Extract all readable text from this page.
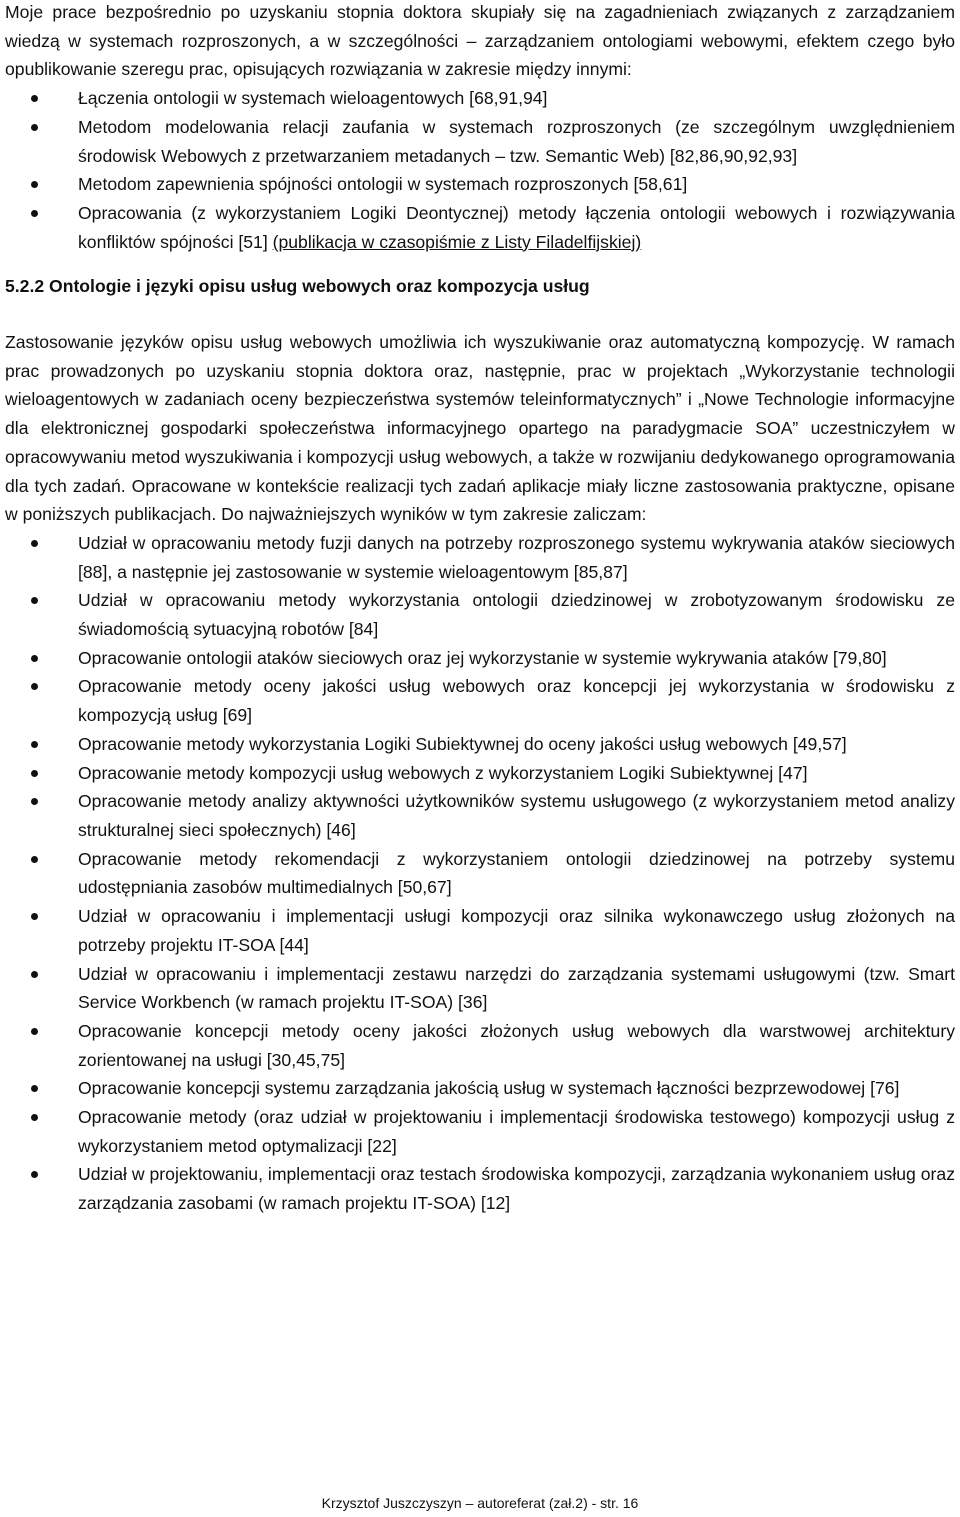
Moje prace bezpośrednio po uzyskaniu stopnia doktora skupiały się na zagadnieniach związanych z zarządzaniem wiedzą w systemach rozproszonych, a w szczególności – zarządzaniem ontologiami webowymi, efektem czego było opublikowanie szeregu prac, opisujących rozwiązania w zakresie między innymi:

Łączenia ontologii w systemach wieloagentowych [68,91,94]
Metodom modelowania relacji zaufania w systemach rozproszonych (ze szczególnym uwzględnieniem środowisk Webowych z przetwarzaniem metadanych – tzw. Semantic Web) [82,86,90,92,93]
Metodom zapewnienia spójności ontologii w systemach rozproszonych [58,61]
Opracowania (z wykorzystaniem Logiki Deontycznej) metody łączenia ontologii webowych i rozwiązywania konfliktów spójności [51] (publikacja w czasopiśmie z Listy Filadelfijskiej)
5.2.2 Ontologie i języki opisu usług webowych oraz kompozycja usług

Zastosowanie języków opisu usług webowych umożliwia ich wyszukiwanie oraz automatyczną kompozycję. W ramach prac prowadzonych po uzyskaniu stopnia doktora oraz, następnie, prac w projektach „Wykorzystanie technologii wieloagentowych w zadaniach oceny bezpieczeństwa systemów teleinformatycznych” i „Nowe Technologie informacyjne dla elektronicznej gospodarki społeczeństwa informacyjnego opartego na paradygmacie SOA” uczestniczyłem w opracowywaniu metod wyszukiwania i kompozycji usług webowych, a także w rozwijaniu dedykowanego oprogramowania dla tych zadań. Opracowane w kontekście realizacji tych zadań aplikacje miały liczne zastosowania praktyczne, opisane w poniższych publikacjach. Do najważniejszych wyników w tym zakresie zaliczam:

Udział w opracowaniu metody fuzji danych na potrzeby rozproszonego systemu wykrywania ataków sieciowych [88], a następnie jej zastosowanie w systemie wieloagentowym [85,87]
Udział w opracowaniu metody wykorzystania ontologii dziedzinowej w zrobotyzowanym środowisku ze świadomością sytuacyjną robotów [84]
Opracowanie ontologii ataków sieciowych oraz jej wykorzystanie w systemie wykrywania ataków [79,80]
Opracowanie metody oceny jakości usług webowych oraz koncepcji jej wykorzystania w środowisku z kompozycją usług [69]
Opracowanie metody wykorzystania Logiki Subiektywnej do oceny jakości usług webowych [49,57]
Opracowanie metody kompozycji usług webowych z wykorzystaniem Logiki Subiektywnej [47]
Opracowanie metody analizy aktywności użytkowników systemu usługowego (z wykorzystaniem metod analizy strukturalnej sieci społecznych) [46]
Opracowanie metody rekomendacji z wykorzystaniem ontologii dziedzinowej na potrzeby systemu udostępniania zasobów multimedialnych [50,67]
Udział w opracowaniu i implementacji usługi kompozycji oraz silnika wykonawczego usług złożonych na potrzeby projektu IT-SOA [44]
Udział w opracowaniu i implementacji zestawu narzędzi do zarządzania systemami usługowymi (tzw. Smart Service Workbench (w ramach projektu IT-SOA) [36]
Opracowanie koncepcji metody oceny jakości złożonych usług webowych dla warstwowej architektury zorientowanej na usługi [30,45,75]
Opracowanie koncepcji systemu zarządzania jakością usług w systemach łączności bezprzewodowej [76]
Opracowanie metody (oraz udział w projektowaniu i implementacji środowiska testowego) kompozycji usług z wykorzystaniem metod optymalizacji [22]
Udział w projektowaniu, implementacji oraz testach środowiska kompozycji, zarządzania wykonaniem usług oraz zarządzania zasobami (w ramach projektu IT-SOA) [12]
Krzysztof Juszczyszyn – autoreferat (zał.2) - str. 16
